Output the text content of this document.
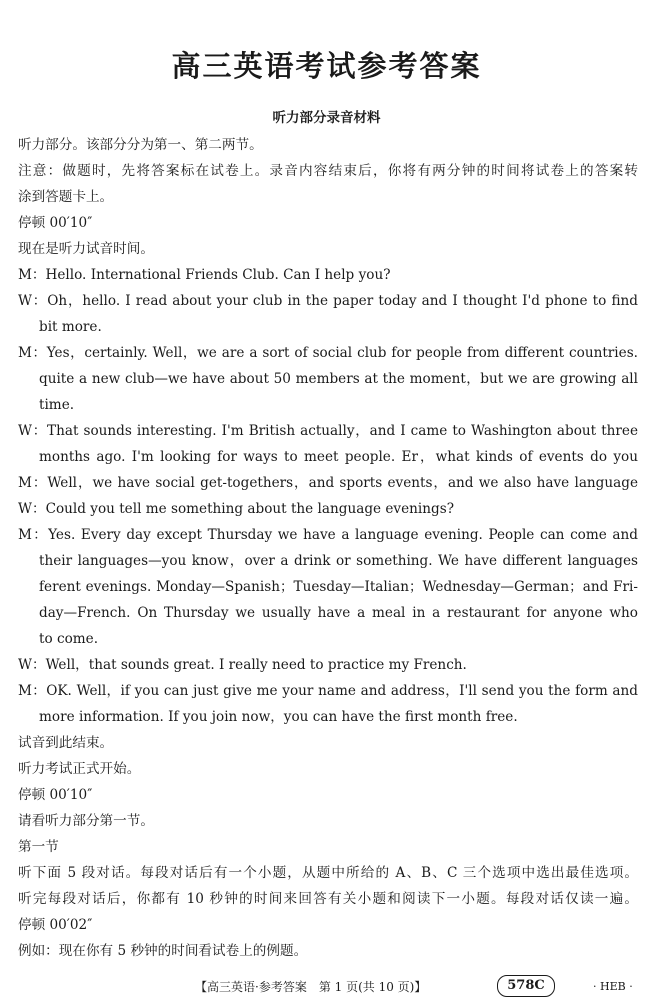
高三英语考试参考答案
听力部分录音材料
听力部分。该部分分为第一、第二两节。
注意：做题时，先将答案标在试卷上。录音内容结束后，你将有两分钟的时间将试卷上的答案转
涂到答题卡上。
停顿 00′10″
现在是听力试音时间。
M：Hello. International Friends Club. Can I help you?
W：Oh，hello. I read about your club in the paper today and I thought I'd phone to find
bit more.
M：Yes，certainly. Well，we are a sort of social club for people from different countries.
quite a new club—we have about 50 members at the moment，but we are growing all
time.
W：That sounds interesting. I'm British actually，and I came to Washington about three
months ago. I'm looking for ways to meet people. Er，what kinds of events do you
M：Well，we have social get-togethers，and sports events，and we also have language
W：Could you tell me something about the language evenings?
M：Yes. Every day except Thursday we have a language evening. People can come and
their languages—you know，over a drink or something. We have different languages
ferent evenings. Monday—Spanish；Tuesday—Italian；Wednesday—German；and Fri-
day—French. On Thursday we usually have a meal in a restaurant for anyone who
to come.
W：Well，that sounds great. I really need to practice my French.
M：OK. Well，if you can just give me your name and address，I'll send you the form and
more information. If you join now，you can have the first month free.
试音到此结束。
听力考试正式开始。
停顿 00′10″
请看听力部分第一节。
第一节
听下面 5 段对话。每段对话后有一个小题，从题中所给的 A、B、C 三个选项中选出最佳选项。
听完每段对话后，你都有 10 秒钟的时间来回答有关小题和阅读下一小题。每段对话仅读一遍。
停顿 00′02″
例如：现在你有 5 秒钟的时间看试卷上的例题。
【高三英语·参考答案　第 1 页(共 10 页)】	578C	· HEB ·
